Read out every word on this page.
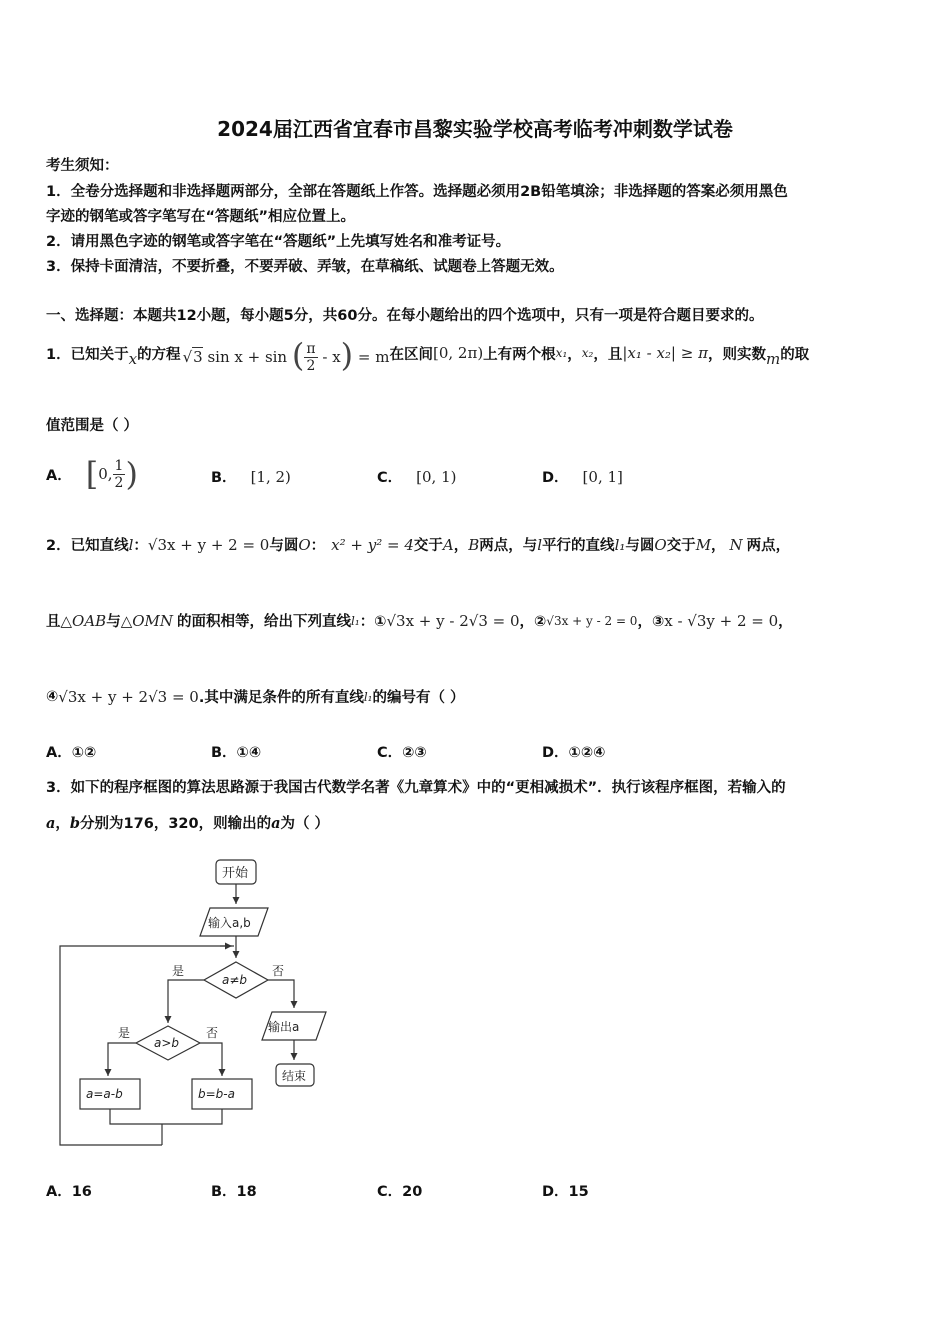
2024届江西省宜春市昌黎实验学校高考临考冲刺数学试卷
考生须知：
1．全卷分选择题和非选择题两部分，全部在答题纸上作答。选择题必须用2B铅笔填涂；非选择题的答案必须用黑色
字迹的钢笔或答字笔写在“答题纸”相应位置上。
2．请用黑色字迹的钢笔或答字笔在“答题纸”上先填写姓名和准考证号。
3．保持卡面清洁，不要折叠，不要弄破、弄皱，在草稿纸、试题卷上答题无效。
一、选择题：本题共12小题，每小题5分，共60分。在每小题给出的四个选项中，只有一项是符合题目要求的。
1．已知关于 x 的方程 √3 sin x + sin ( $\frac{\pi}{2} - x) = m$ 在区间 [0, 2π) 上有两个根 x₁ ， x₂ ，且 |x₁ - x₂| ≥ π ，则实数 m 的取
值范围是（ ）
A． [ 0, $\frac{1}{2}$ )	B． [1, 2)	C． [0, 1)	D． [0, 1]
2．已知直线 l ： √3x + y + 2 = 0 与圆 O ： x² + y² = 4 交于 A ， B 两点，与 l 平行的直线 l₁ 与圆 O 交于 M ， N 两点，
且 △OAB 与 △OMN 的面积相等，给出下列直线 l₁ ：① √3x + y - 2√3 = 0 ，② √3x + y - 2 = 0 ，③ x - √3y + 2 = 0 ，
④ √3x + y + 2√3 = 0 .其中满足条件的所有直线 l₁ 的编号有（ ）
A．①②	B．①④	C．②③	D．①②④
3．如下的程序框图的算法思路源于我国古代数学名著《九章算术》中的“更相减损术”．执行该程序框图，若输入的
a，b分别为176，320，则输出的a为（ ）
开始
输入a,b
a≠b
是	否
a>b
是	否
a=a-b	b=b-a
输出a
结束
A．16	B．18	C．20	D．15
